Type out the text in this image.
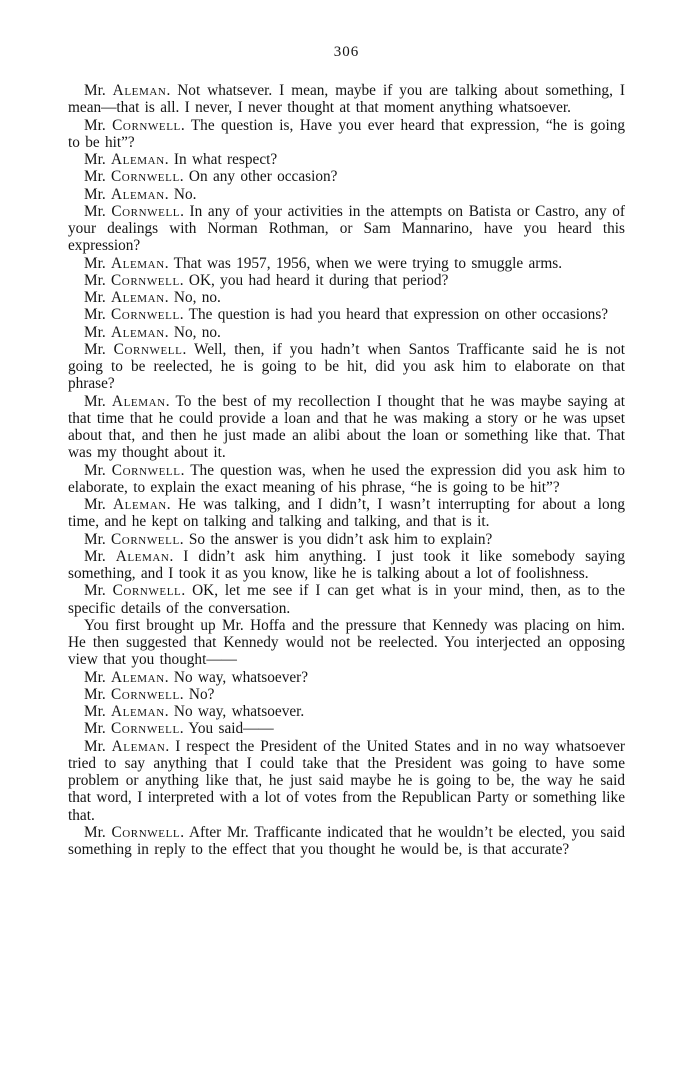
306

Mr. Aleman. Not whatsever. I mean, maybe if you are talking about something, I mean—that is all. I never, I never thought at that moment anything whatsoever.

Mr. Cornwell. The question is, Have you ever heard that expression, “he is going to be hit”?

Mr. Aleman. In what respect?

Mr. Cornwell. On any other occasion?

Mr. Aleman. No.

Mr. Cornwell. In any of your activities in the attempts on Batista or Castro, any of your dealings with Norman Rothman, or Sam Mannarino, have you heard this expression?

Mr. Aleman. That was 1957, 1956, when we were trying to smuggle arms.

Mr. Cornwell. OK, you had heard it during that period?

Mr. Aleman. No, no.

Mr. Cornwell. The question is had you heard that expression on other occasions?

Mr. Aleman. No, no.

Mr. Cornwell. Well, then, if you hadn’t when Santos Trafficante said he is not going to be reelected, he is going to be hit, did you ask him to elaborate on that phrase?

Mr. Aleman. To the best of my recollection I thought that he was maybe saying at that time that he could provide a loan and that he was making a story or he was upset about that, and then he just made an alibi about the loan or something like that. That was my thought about it.

Mr. Cornwell. The question was, when he used the expression did you ask him to elaborate, to explain the exact meaning of his phrase, “he is going to be hit”?

Mr. Aleman. He was talking, and I didn’t, I wasn’t interrupting for about a long time, and he kept on talking and talking and talking, and that is it.

Mr. Cornwell. So the answer is you didn’t ask him to explain?

Mr. Aleman. I didn’t ask him anything. I just took it like somebody saying something, and I took it as you know, like he is talking about a lot of foolishness.

Mr. Cornwell. OK, let me see if I can get what is in your mind, then, as to the specific details of the conversation.

You first brought up Mr. Hoffa and the pressure that Kennedy was placing on him. He then suggested that Kennedy would not be reelected. You interjected an opposing view that you thought——

Mr. Aleman. No way, whatsoever?

Mr. Cornwell. No?

Mr. Aleman. No way, whatsoever.

Mr. Cornwell. You said——

Mr. Aleman. I respect the President of the United States and in no way whatsoever tried to say anything that I could take that the President was going to have some problem or anything like that, he just said maybe he is going to be, the way he said that word, I interpreted with a lot of votes from the Republican Party or something like that.

Mr. Cornwell. After Mr. Trafficante indicated that he wouldn’t be elected, you said something in reply to the effect that you thought he would be, is that accurate?
